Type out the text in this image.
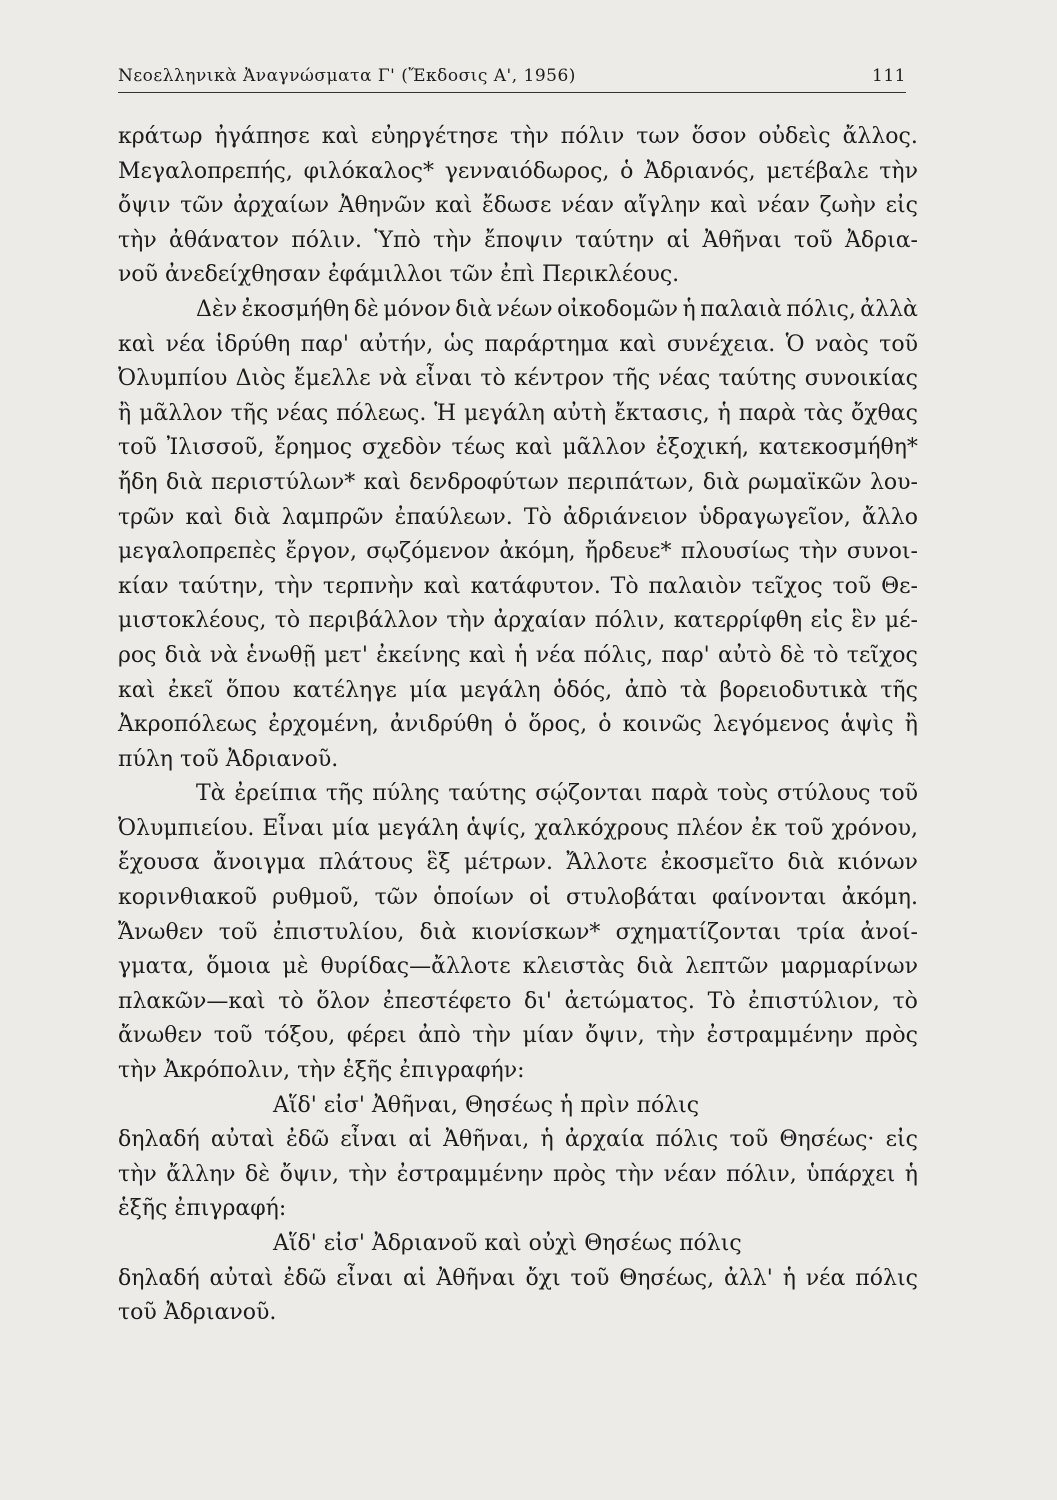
Νεοελληνικὰ Ἀναγνώσματα Γ' (Ἔκδοσις Α', 1956)	111
κράτωρ ἠγάπησε καὶ εὐηργέτησε τὴν πόλιν των ὅσον οὐδεὶς ἄλλος.
Μεγαλοπρεπής, φιλόκαλος* γενναιόδωρος, ὁ Ἀδριανός, μετέβαλε τὴν
ὄψιν τῶν ἀρχαίων Ἀθηνῶν καὶ ἔδωσε νέαν αἴγλην καὶ νέαν ζωὴν εἰς
τὴν ἀθάνατον πόλιν. Ὑπὸ τὴν ἔποψιν ταύτην αἱ Ἀθῆναι τοῦ Ἀδρια-
νοῦ ἀνεδείχθησαν ἐφάμιλλοι τῶν ἐπὶ Περικλέους.
Δὲν ἐκοσμήθη δὲ μόνον διὰ νέων οἰκοδομῶν ἡ παλαιὰ πόλις, ἀλλὰ
καὶ νέα ἱδρύθη παρ' αὐτήν, ὡς παράρτημα καὶ συνέχεια. Ὁ ναὸς τοῦ
Ὀλυμπίου Διὸς ἔμελλε νὰ εἶναι τὸ κέντρον τῆς νέας ταύτης συνοικίας
ἢ μᾶλλον τῆς νέας πόλεως. Ἡ μεγάλη αὐτὴ ἔκτασις, ἡ παρὰ τὰς ὄχθας
τοῦ Ἰλισσοῦ, ἔρημος σχεδὸν τέως καὶ μᾶλλον ἐξοχική, κατεκοσμήθη*
ἤδη διὰ περιστύλων* καὶ δενδροφύτων περιπάτων, διὰ ρωμαϊκῶν λου-
τρῶν καὶ διὰ λαμπρῶν ἐπαύλεων. Τὸ ἀδριάνειον ὑδραγωγεῖον, ἄλλο
μεγαλοπρεπὲς ἔργον, σῳζόμενον ἀκόμη, ἤρδευε* πλουσίως τὴν συνοι-
κίαν ταύτην, τὴν τερπνὴν καὶ κατάφυτον. Τὸ παλαιὸν τεῖχος τοῦ Θε-
μιστοκλέους, τὸ περιβάλλον τὴν ἀρχαίαν πόλιν, κατερρίφθη εἰς ἓν μέ-
ρος διὰ νὰ ἑνωθῇ μετ' ἐκείνης καὶ ἡ νέα πόλις, παρ' αὐτὸ δὲ τὸ τεῖχος
καὶ ἐκεῖ ὅπου κατέληγε μία μεγάλη ὁδός, ἀπὸ τὰ βορειοδυτικὰ τῆς
Ἀκροπόλεως ἐρχομένη, ἀνιδρύθη ὁ ὅρος, ὁ κοινῶς λεγόμενος ἁψὶς ἢ
πύλη τοῦ Ἀδριανοῦ.
Τὰ ἐρείπια τῆς πύλης ταύτης σῴζονται παρὰ τοὺς στύλους τοῦ
Ὀλυμπιείου. Εἶναι μία μεγάλη ἁψίς, χαλκόχρους πλέον ἐκ τοῦ χρόνου,
ἔχουσα ἄνοιγμα πλάτους ἓξ μέτρων. Ἄλλοτε ἐκοσμεῖτο διὰ κιόνων
κορινθιακοῦ ρυθμοῦ, τῶν ὁποίων οἱ στυλοβάται φαίνονται ἀκόμη.
Ἄνωθεν τοῦ ἐπιστυλίου, διὰ κιονίσκων* σχηματίζονται τρία ἀνοί-
γματα, ὅμοια μὲ θυρίδας—ἄλλοτε κλειστὰς διὰ λεπτῶν μαρμαρίνων
πλακῶν—καὶ τὸ ὅλον ἐπεστέφετο δι' ἀετώματος. Τὸ ἐπιστύλιον, τὸ
ἄνωθεν τοῦ τόξου, φέρει ἀπὸ τὴν μίαν ὄψιν, τὴν ἐστραμμένην πρὸς
τὴν Ἀκρόπολιν, τὴν ἑξῆς ἐπιγραφήν:
Αἵδ' εἰσ' Ἀθῆναι, Θησέως ἡ πρὶν πόλις
δηλαδή αὐταὶ ἐδῶ εἶναι αἱ Ἀθῆναι, ἡ ἀρχαία πόλις τοῦ Θησέως· εἰς
τὴν ἄλλην δὲ ὄψιν, τὴν ἐστραμμένην πρὸς τὴν νέαν πόλιν, ὑπάρχει ἡ
ἑξῆς ἐπιγραφή:
Αἵδ' εἰσ' Ἀδριανοῦ καὶ οὐχὶ Θησέως πόλις
δηλαδή αὐταὶ ἐδῶ εἶναι αἱ Ἀθῆναι ὄχι τοῦ Θησέως, ἀλλ' ἡ νέα πόλις
τοῦ Ἀδριανοῦ.
